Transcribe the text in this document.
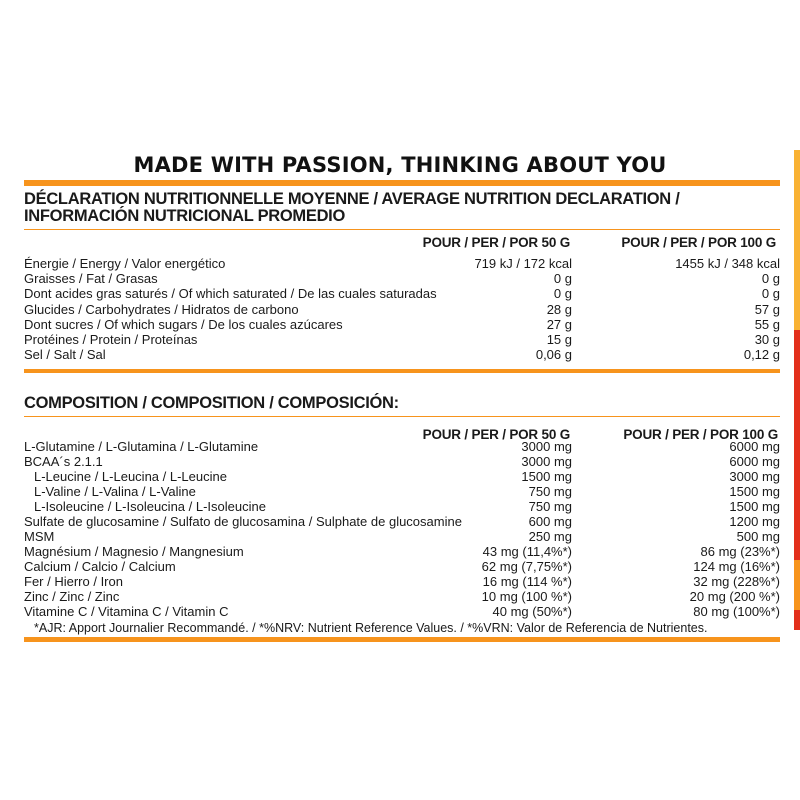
MADE WITH PASSION, THINKING ABOUT YOU
DÉCLARATION NUTRITIONNELLE MOYENNE / AVERAGE NUTRITION DECLARATION /
INFORMACIÓN NUTRICIONAL PROMEDIO
POUR / PER / POR 50 G	POUR / PER / POR 100 G
Énergie / Energy / Valor energético	719 kJ / 172 kcal	1455 kJ / 348 kcal
Graisses / Fat / Grasas	0 g	0 g
Dont acides gras saturés / Of which saturated / De las cuales saturadas	0 g	0 g
Glucides / Carbohydrates / Hidratos de carbono	28 g	57 g
Dont sucres / Of which sugars / De los cuales azúcares	27 g	55 g
Protéines / Protein / Proteínas	15 g	30 g
Sel / Salt / Sal	0,06 g	0,12 g
COMPOSITION / COMPOSITION / COMPOSICIÓN:
POUR / PER / POR 50 G	POUR / PER / POR 100 G
L-Glutamine / L-Glutamina / L-Glutamine	3000 mg	6000 mg
BCAA´s 2.1.1	3000 mg	6000 mg
L-Leucine / L-Leucina / L-Leucine	1500 mg	3000 mg
L-Valine / L-Valina / L-Valine	750 mg	1500 mg
L-Isoleucine / L-Isoleucina / L-Isoleucine	750 mg	1500 mg
Sulfate de glucosamine / Sulfato de glucosamina / Sulphate de glucosamine	600 mg	1200 mg
MSM	250 mg	500 mg
Magnésium / Magnesio / Mangnesium	43 mg (11,4%*)	86 mg (23%*)
Calcium / Calcio / Calcium	62 mg (7,75%*)	124 mg (16%*)
Fer / Hierro / Iron	16 mg (114 %*)	32 mg (228%*)
Zinc / Zinc / Zinc	10 mg (100 %*)	20 mg (200 %*)
Vitamine C / Vitamina C / Vitamin C	40 mg (50%*)	80 mg (100%*)
*AJR: Apport Journalier Recommandé. / *%NRV: Nutrient Reference Values. / *%VRN: Valor de Referencia de Nutrientes.
